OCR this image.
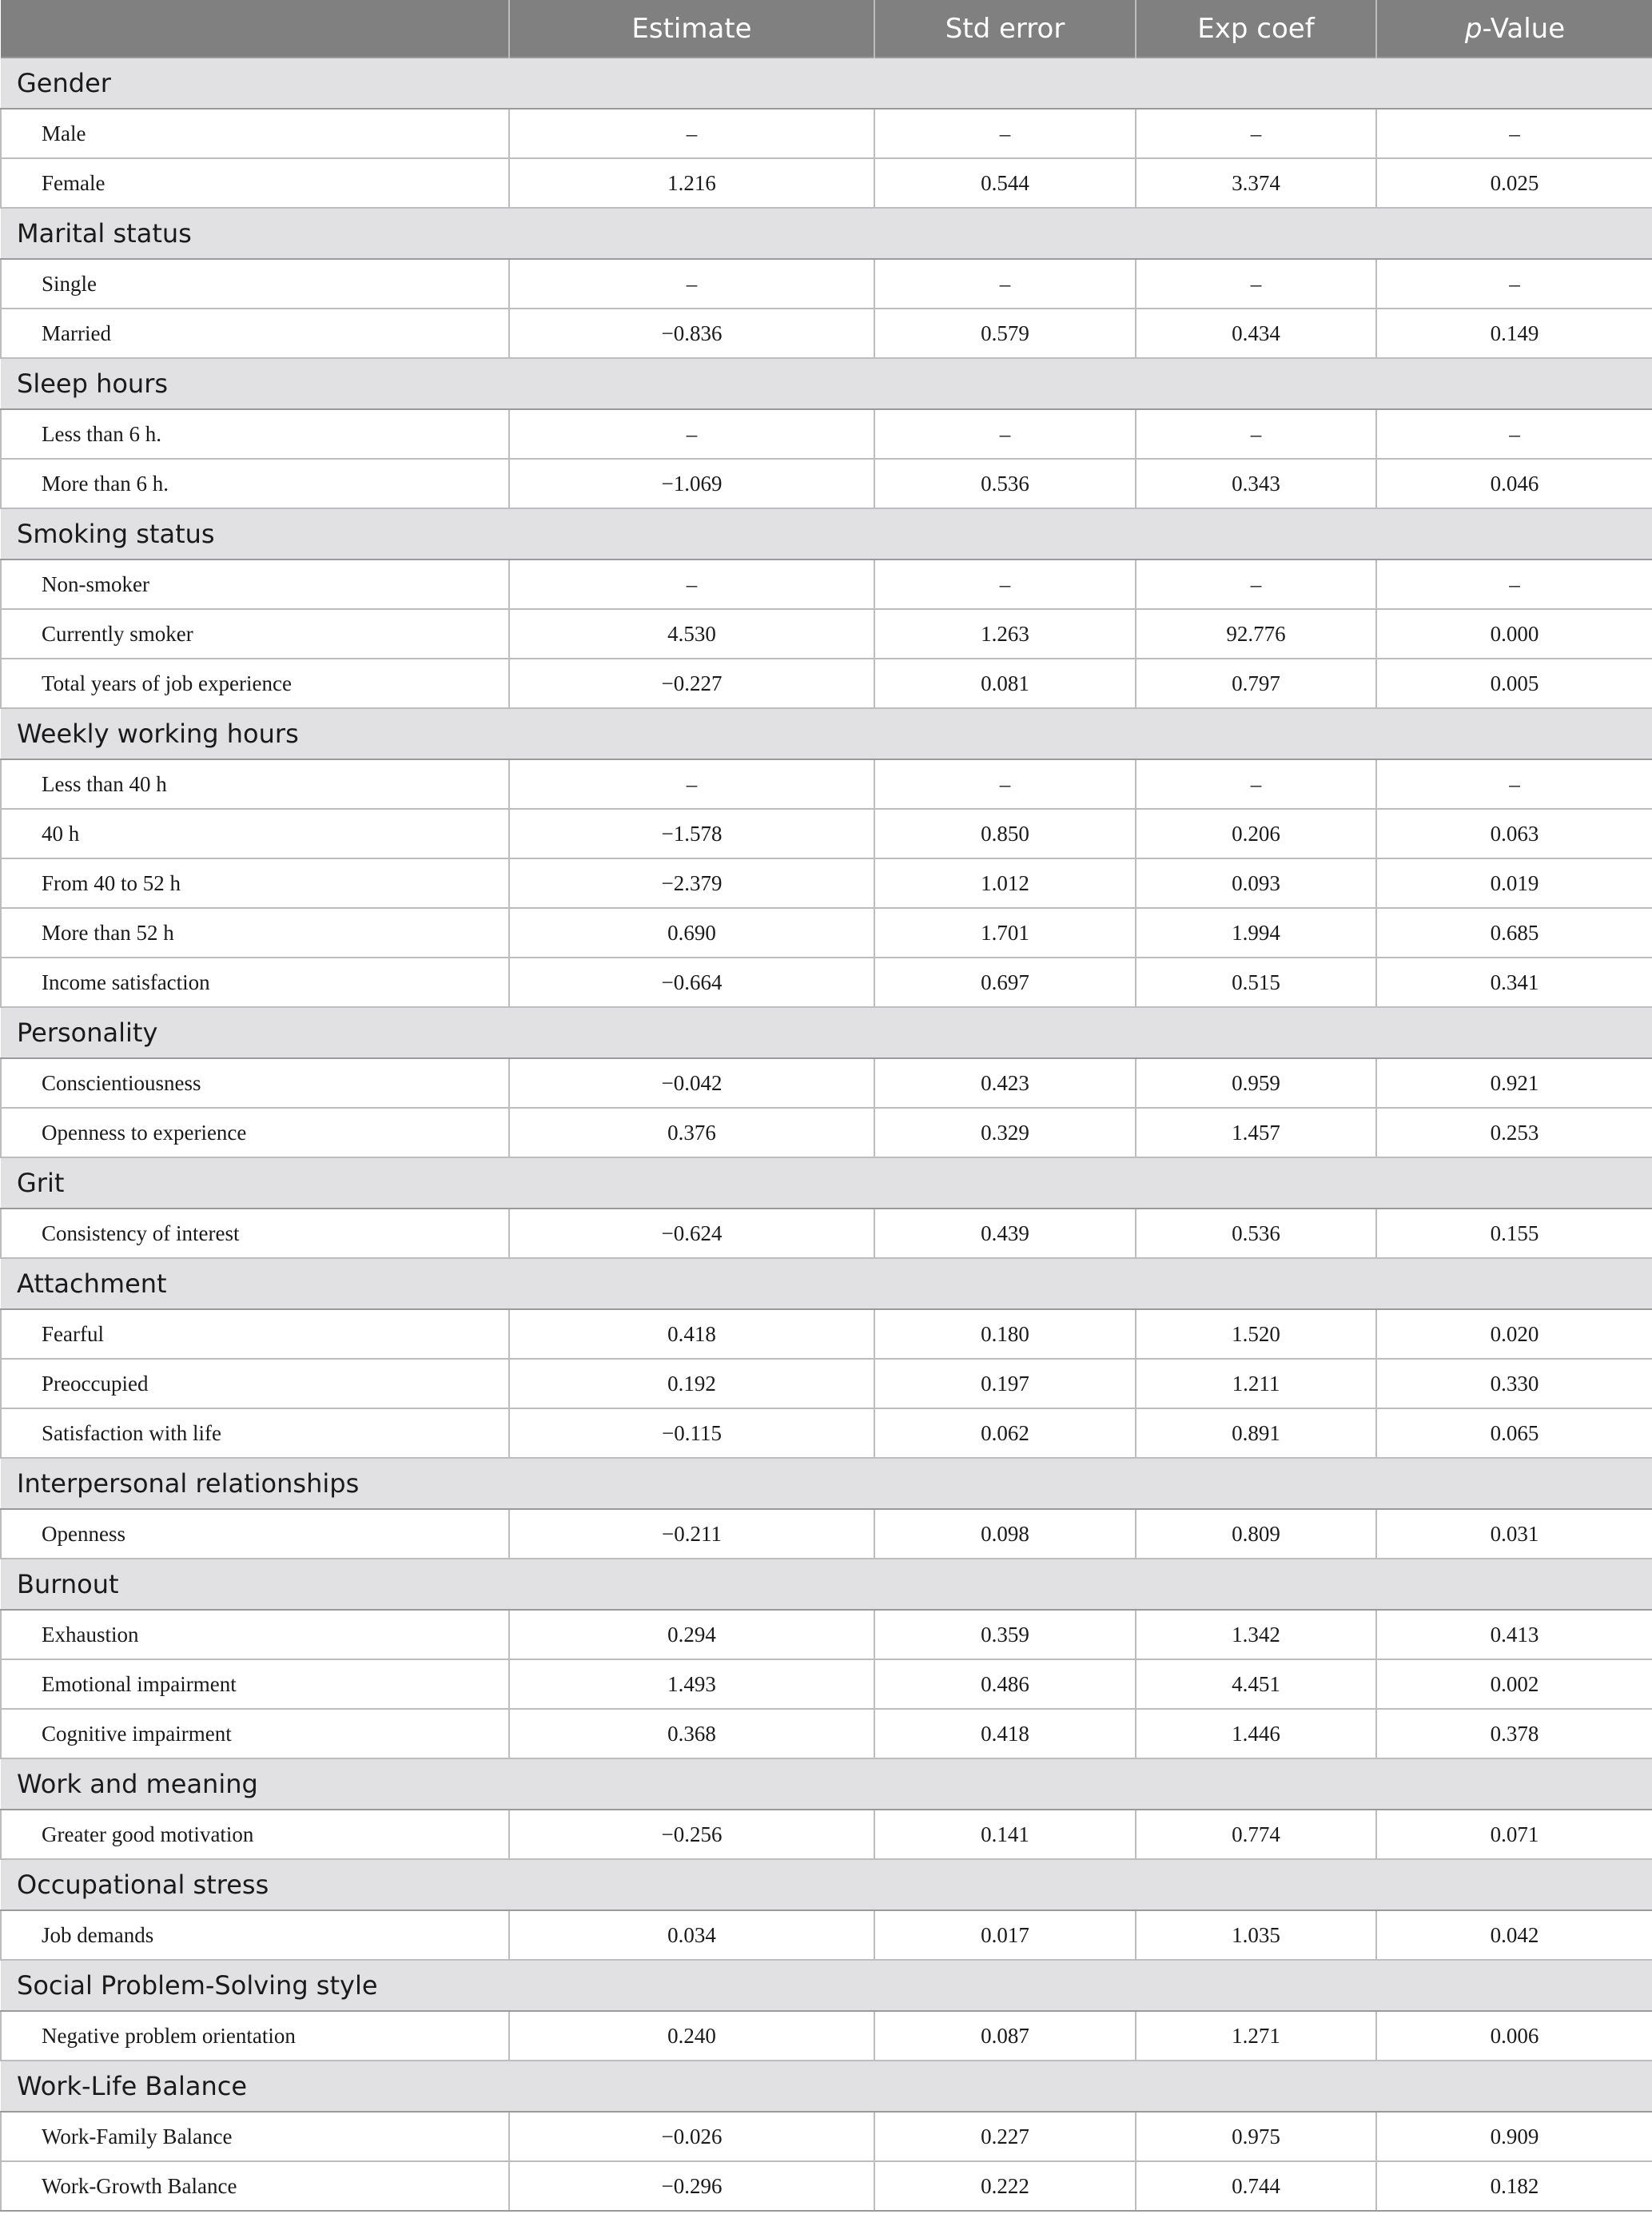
	Estimate	Std error	Exp coef	p-Value
Gender				
Male	–	–	–	–
Female	1.216	0.544	3.374	0.025
Marital status				
Single	–	–	–	–
Married	−0.836	0.579	0.434	0.149
Sleep hours				
Less than 6 h.	–	–	–	–
More than 6 h.	−1.069	0.536	0.343	0.046
Smoking status				
Non-smoker	–	–	–	–
Currently smoker	4.530	1.263	92.776	0.000
Total years of job experience	−0.227	0.081	0.797	0.005
Weekly working hours				
Less than 40 h	–	–	–	–
40 h	−1.578	0.850	0.206	0.063
From 40 to 52 h	−2.379	1.012	0.093	0.019
More than 52 h	0.690	1.701	1.994	0.685
Income satisfaction	−0.664	0.697	0.515	0.341
Personality				
Conscientiousness	−0.042	0.423	0.959	0.921
Openness to experience	0.376	0.329	1.457	0.253
Grit				
Consistency of interest	−0.624	0.439	0.536	0.155
Attachment				
Fearful	0.418	0.180	1.520	0.020
Preoccupied	0.192	0.197	1.211	0.330
Satisfaction with life	−0.115	0.062	0.891	0.065
Interpersonal relationships				
Openness	−0.211	0.098	0.809	0.031
Burnout				
Exhaustion	0.294	0.359	1.342	0.413
Emotional impairment	1.493	0.486	4.451	0.002
Cognitive impairment	0.368	0.418	1.446	0.378
Work and meaning				
Greater good motivation	−0.256	0.141	0.774	0.071
Occupational stress				
Job demands	0.034	0.017	1.035	0.042
Social Problem-Solving style				
Negative problem orientation	0.240	0.087	1.271	0.006
Work-Life Balance				
Work-Family Balance	−0.026	0.227	0.975	0.909
Work-Growth Balance	−0.296	0.222	0.744	0.182
